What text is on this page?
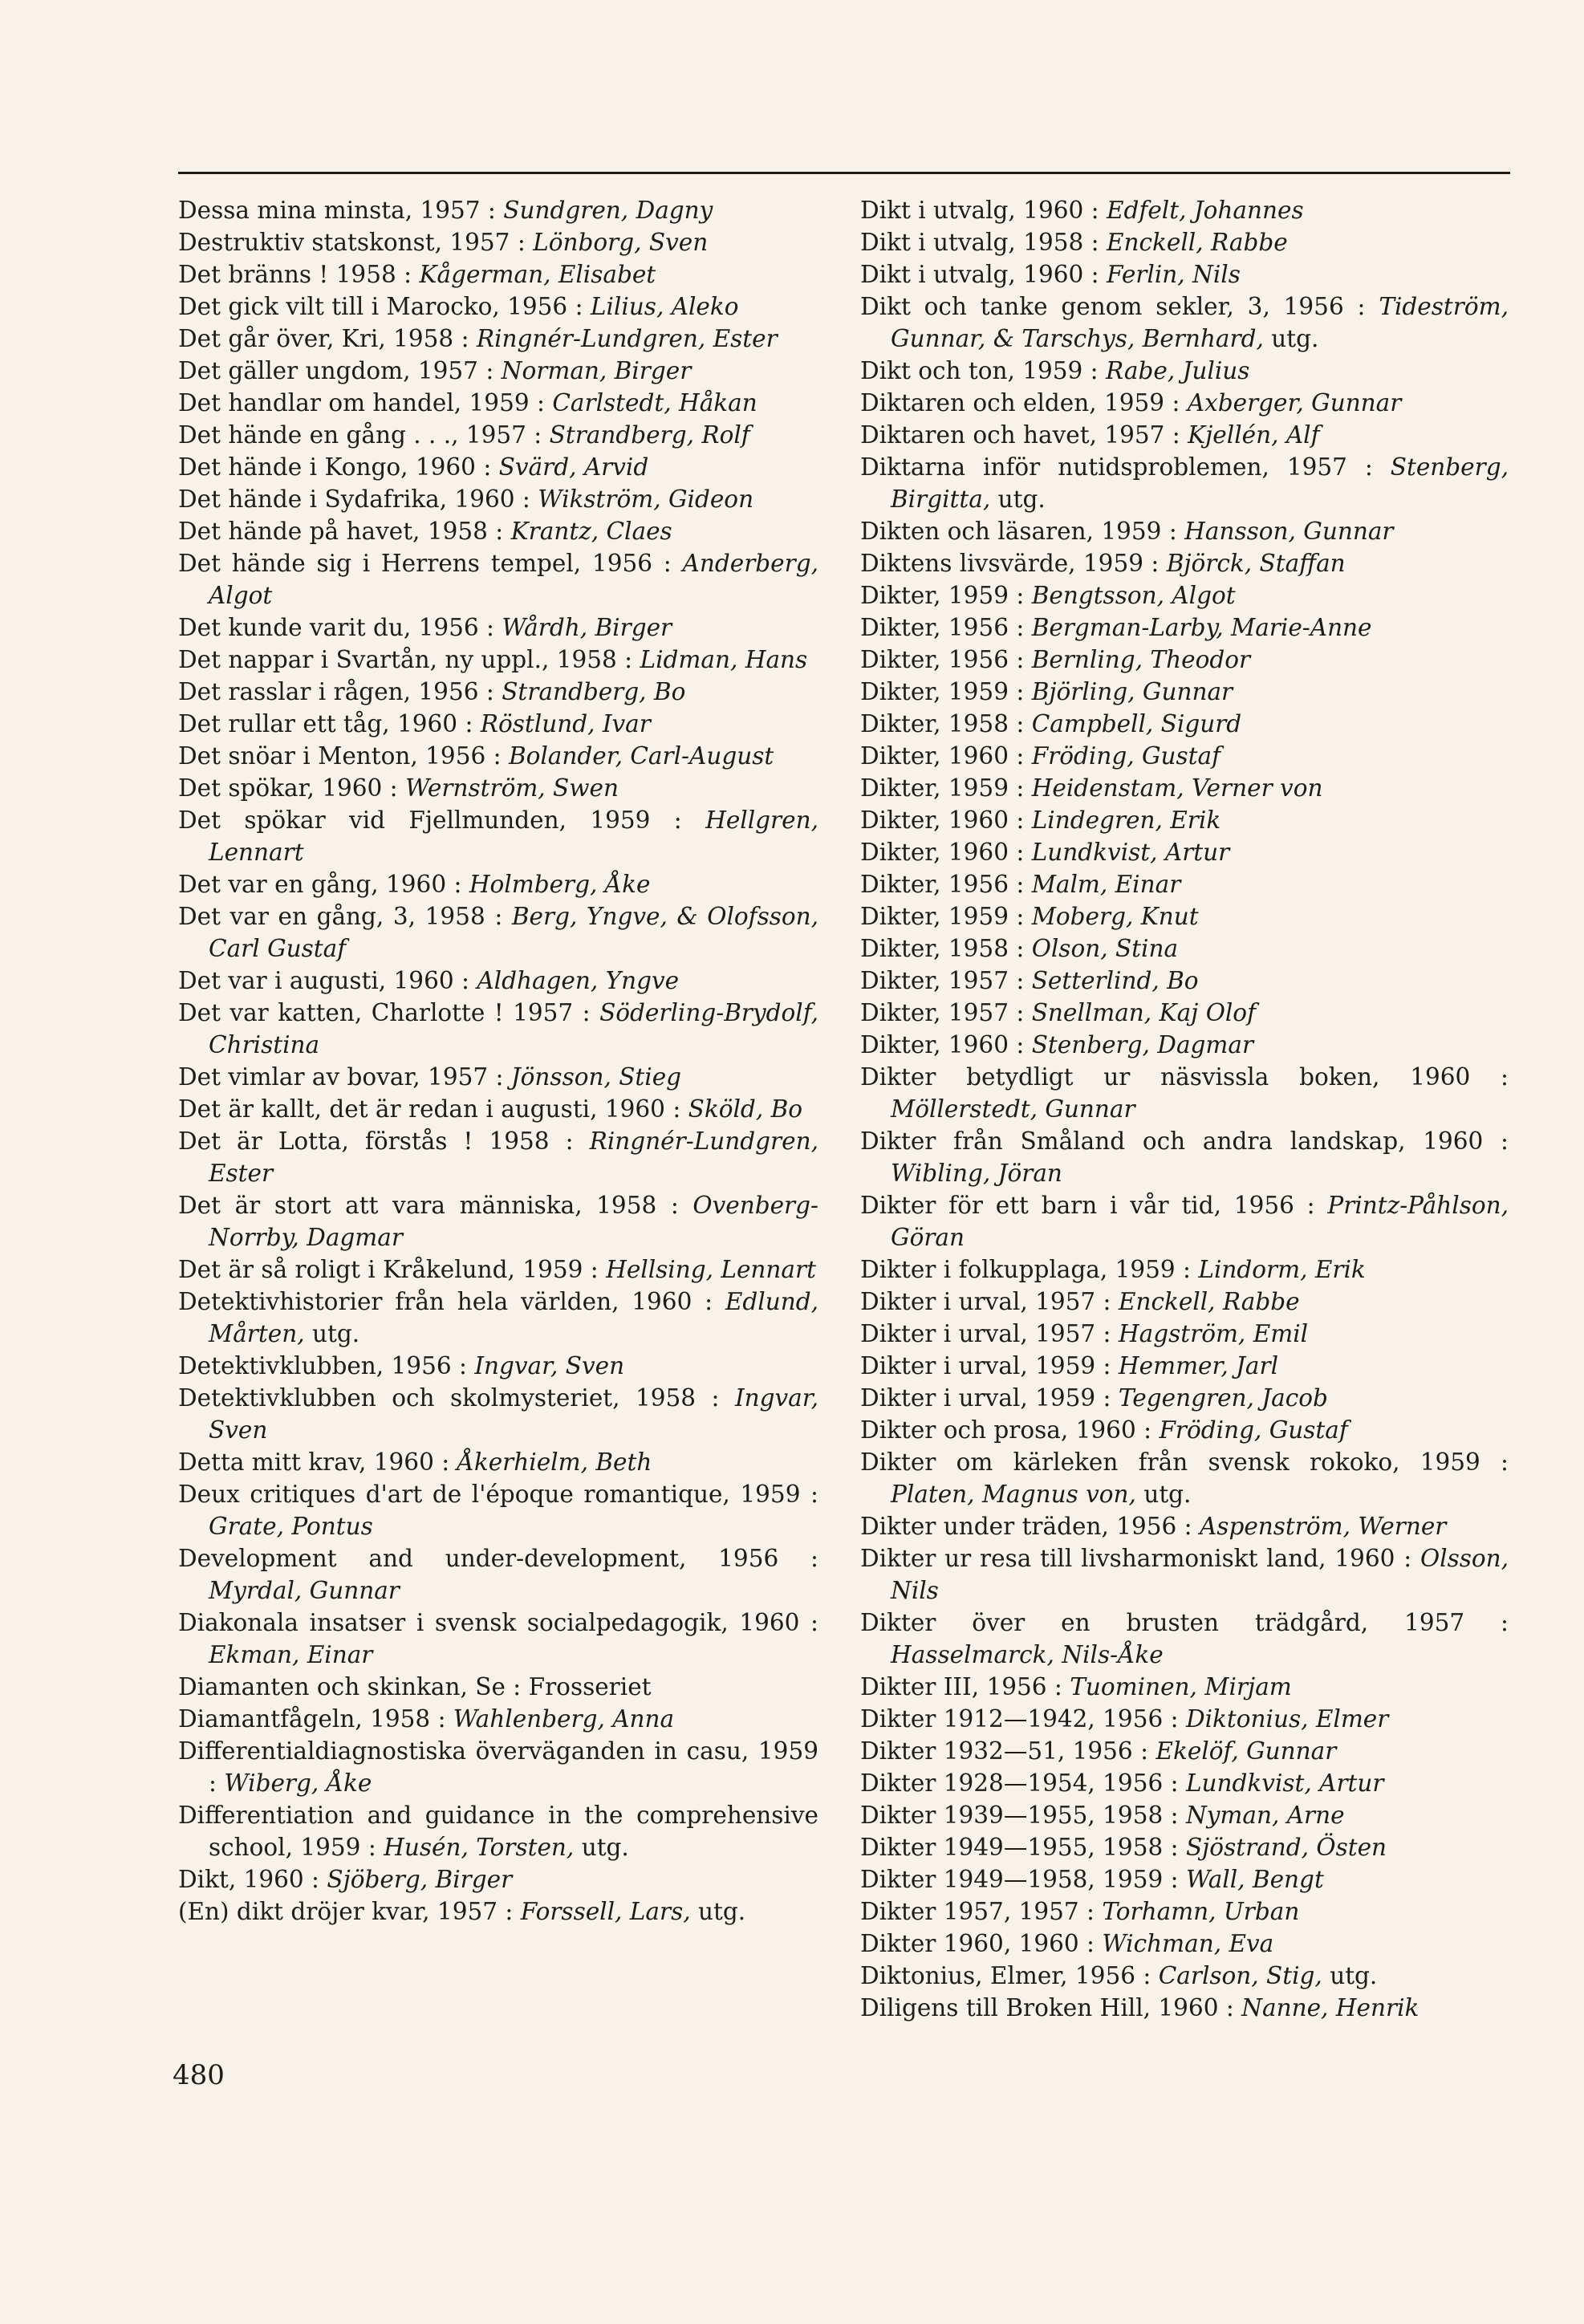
Dessa mina minsta, 1957 : Sundgren, Dagny

Destruktiv statskonst, 1957 : Lönborg, Sven

Det bränns ! 1958 : Kågerman, Elisabet

Det gick vilt till i Marocko, 1956 : Lilius, Aleko

Det går över, Kri, 1958 : Ringnér-Lundgren, Ester

Det gäller ungdom, 1957 : Norman, Birger

Det handlar om handel, 1959 : Carlstedt, Håkan

Det hände en gång . . ., 1957 : Strandberg, Rolf

Det hände i Kongo, 1960 : Svärd, Arvid

Det hände i Sydafrika, 1960 : Wikström, Gideon

Det hände på havet, 1958 : Krantz, Claes

Det hände sig i Herrens tempel, 1956 : Anderberg, Algot

Det kunde varit du, 1956 : Wårdh, Birger

Det nappar i Svartån, ny uppl., 1958 : Lidman, Hans

Det rasslar i rågen, 1956 : Strandberg, Bo

Det rullar ett tåg, 1960 : Röstlund, Ivar

Det snöar i Menton, 1956 : Bolander, Carl-August

Det spökar, 1960 : Wernström, Swen

Det spökar vid Fjellmunden, 1959 : Hellgren, Lennart

Det var en gång, 1960 : Holmberg, Åke

Det var en gång, 3, 1958 : Berg, Yngve, & Olofsson, Carl Gustaf

Det var i augusti, 1960 : Aldhagen, Yngve

Det var katten, Charlotte ! 1957 : Söderling-Brydolf, Christina

Det vimlar av bovar, 1957 : Jönsson, Stieg

Det är kallt, det är redan i augusti, 1960 : Sköld, Bo

Det är Lotta, förstås ! 1958 : Ringnér-Lundgren, Ester

Det är stort att vara människa, 1958 : Ovenberg-Norrby, Dagmar

Det är så roligt i Kråkelund, 1959 : Hellsing, Lennart

Detektivhistorier från hela världen, 1960 : Edlund, Mårten, utg.

Detektivklubben, 1956 : Ingvar, Sven

Detektivklubben och skolmysteriet, 1958 : Ingvar, Sven

Detta mitt krav, 1960 : Åkerhielm, Beth

Deux critiques d'art de l'époque romantique, 1959 : Grate, Pontus

Development and under-development, 1956 : Myrdal, Gunnar

Diakonala insatser i svensk socialpedagogik, 1960 : Ekman, Einar

Diamanten och skinkan, Se : Frosseriet

Diamantfågeln, 1958 : Wahlenberg, Anna

Differentialdiagnostiska överväganden in casu, 1959 : Wiberg, Åke

Differentiation and guidance in the comprehensive school, 1959 : Husén, Torsten, utg.

Dikt, 1960 : Sjöberg, Birger

(En) dikt dröjer kvar, 1957 : Forssell, Lars, utg.

Dikt i utvalg, 1960 : Edfelt, Johannes

Dikt i utvalg, 1958 : Enckell, Rabbe

Dikt i utvalg, 1960 : Ferlin, Nils

Dikt och tanke genom sekler, 3, 1956 : Tideström, Gunnar, & Tarschys, Bernhard, utg.

Dikt och ton, 1959 : Rabe, Julius

Diktaren och elden, 1959 : Axberger, Gunnar

Diktaren och havet, 1957 : Kjellén, Alf

Diktarna inför nutidsproblemen, 1957 : Stenberg, Birgitta, utg.

Dikten och läsaren, 1959 : Hansson, Gunnar

Diktens livsvärde, 1959 : Björck, Staffan

Dikter, 1959 : Bengtsson, Algot

Dikter, 1956 : Bergman-Larby, Marie-Anne

Dikter, 1956 : Bernling, Theodor

Dikter, 1959 : Björling, Gunnar

Dikter, 1958 : Campbell, Sigurd

Dikter, 1960 : Fröding, Gustaf

Dikter, 1959 : Heidenstam, Verner von

Dikter, 1960 : Lindegren, Erik

Dikter, 1960 : Lundkvist, Artur

Dikter, 1956 : Malm, Einar

Dikter, 1959 : Moberg, Knut

Dikter, 1958 : Olson, Stina

Dikter, 1957 : Setterlind, Bo

Dikter, 1957 : Snellman, Kaj Olof

Dikter, 1960 : Stenberg, Dagmar

Dikter betydligt ur näsvissla boken, 1960 : Möllerstedt, Gunnar

Dikter från Småland och andra landskap, 1960 : Wibling, Jöran

Dikter för ett barn i vår tid, 1956 : Printz-Påhlson, Göran

Dikter i folkupplaga, 1959 : Lindorm, Erik

Dikter i urval, 1957 : Enckell, Rabbe

Dikter i urval, 1957 : Hagström, Emil

Dikter i urval, 1959 : Hemmer, Jarl

Dikter i urval, 1959 : Tegengren, Jacob

Dikter och prosa, 1960 : Fröding, Gustaf

Dikter om kärleken från svensk rokoko, 1959 : Platen, Magnus von, utg.

Dikter under träden, 1956 : Aspenström, Werner

Dikter ur resa till livsharmoniskt land, 1960 : Olsson, Nils

Dikter över en brusten trädgård, 1957 : Hasselmarck, Nils-Åke

Dikter III, 1956 : Tuominen, Mirjam

Dikter 1912—1942, 1956 : Diktonius, Elmer

Dikter 1932—51, 1956 : Ekelöf, Gunnar

Dikter 1928—1954, 1956 : Lundkvist, Artur

Dikter 1939—1955, 1958 : Nyman, Arne

Dikter 1949—1955, 1958 : Sjöstrand, Östen

Dikter 1949—1958, 1959 : Wall, Bengt

Dikter 1957, 1957 : Torhamn, Urban

Dikter 1960, 1960 : Wichman, Eva

Diktonius, Elmer, 1956 : Carlson, Stig, utg.

Diligens till Broken Hill, 1960 : Nanne, Henrik

480
